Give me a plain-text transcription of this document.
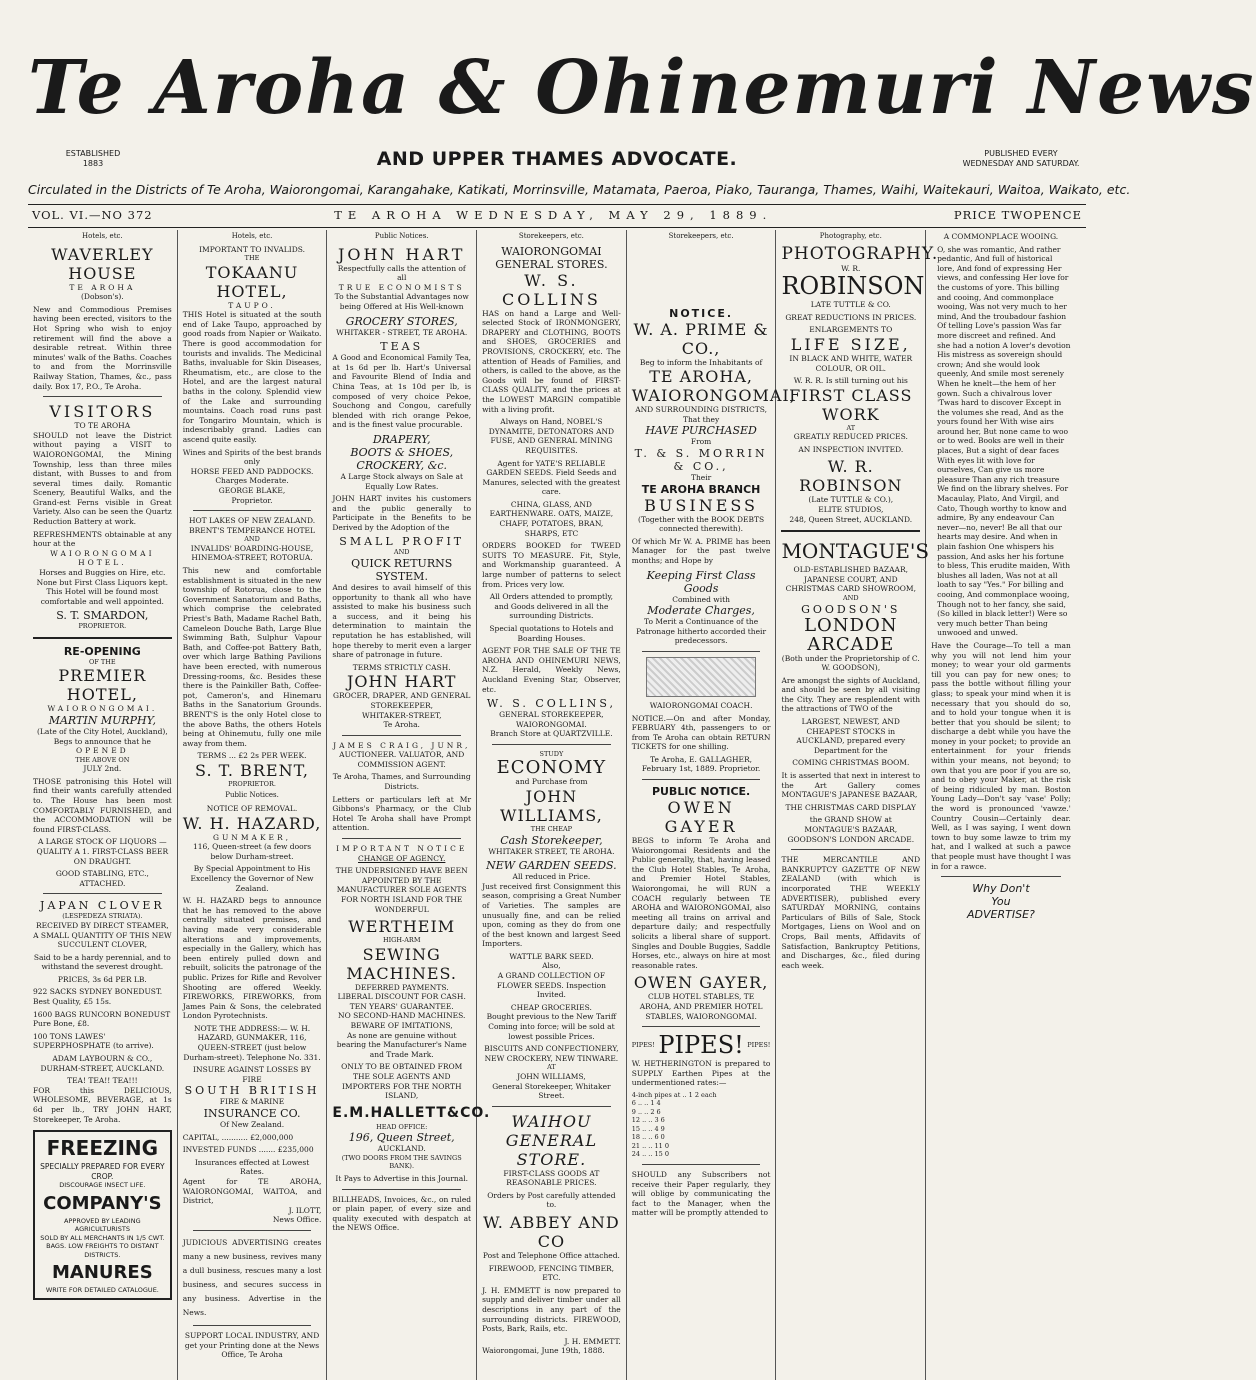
Te Aroha & Ohinemuri News
ESTABLISHED
1883	AND UPPER THAMES ADVOCATE.	PUBLISHED EVERY
WEDNESDAY AND SATURDAY.
Circulated in the Districts of Te Aroha, Waiorongomai, Karangahake, Katikati, Morrinsville, Matamata, Paeroa, Piako, Tauranga, Thames, Waihi, Waitekauri, Waitoa, Waikato, etc.
VOL. VI.—NO 372	TE AROHA WEDNESDAY, MAY 29, 1889.	PRICE TWOPENCE
Hotels, etc.
WAVERLEY HOUSE
TE AROHA
(Dobson's).
New and Commodious Premises having been erected, visitors to the Hot Spring who wish to enjoy retirement will find the above a desirable retreat. Within three minutes' walk of the Baths. Coaches to and from the Morrinsville Railway Station, Thames, &c., pass daily. Box 17, P.O., Te Aroha.
VISITORS
TO TE AROHA
SHOULD not leave the District without paying a VISIT to WAIORONGOMAI, the Mining Township, less than three miles distant, with Busses to and from several times daily. Romantic Scenery, Beautiful Walks, and the Grand-est Ferns visible in Great Variety. Also can be seen the Quartz Reduction Battery at work.
REFRESHMENTS obtainable at any hour at the
WAIORONGOMAI HOTEL.
Horses and Buggies on Hire, etc. None but First Class Liquors kept. This Hotel will be found most comfortable and well appointed.
S. T. SMARDON,
PROPRIETOR.
RE-OPENING
OF THE
PREMIER HOTEL,
WAIORONGOMAI.
MARTIN MURPHY,
(Late of the City Hotel, Auckland),
Begs to announce that he
OPENED
THE ABOVE ON
JULY 2nd.
THOSE patronising this Hotel will find their wants carefully attended to. The House has been most COMFORTABLY FURNISHED, and the ACCOMMODATION will be found FIRST-CLASS.
A LARGE STOCK OF LIQUORS —QUALITY A 1. FIRST-CLASS BEER ON DRAUGHT.
GOOD STABLING, ETC., ATTACHED.
JAPAN CLOVER
(LESPEDEZA STRIATA).
RECEIVED BY DIRECT STEAMER, A SMALL QUANTITY OF THIS NEW SUCCULENT CLOVER,
Said to be a hardy perennial, and to withstand the severest drought.
PRICES, 3s 6d PER LB.
922 SACKS SYDNEY BONEDUST. Best Quality, £5 15s.
1600 BAGS RUNCORN BONEDUST Pure Bone, £8.
100 TONS LAWES' SUPERPHOSPHATE (to arrive).
ADAM LAYBOURN & CO., DURHAM-STREET, AUCKLAND.
TEA! TEA!! TEA!!!
FOR this DELICIOUS, WHOLESOME, BEVERAGE, at 1s 6d per lb., TRY JOHN HART, Storekeeper, Te Aroha.
FREEZING
SPECIALLY PREPARED FOR EVERY CROP.
DISCOURAGE INSECT LIFE.
COMPANY'S
APPROVED BY LEADING AGRICULTURISTS
SOLD BY ALL MERCHANTS IN 1/5 CWT. BAGS. LOW FREIGHTS TO DISTANT DISTRICTS.
MANURES
WRITE FOR DETAILED CATALOGUE.
Hotels, etc.
IMPORTANT TO INVALIDS.
THE
TOKAANU HOTEL,
TAUPO.
THIS Hotel is situated at the south end of Lake Taupo, approached by good roads from Napier or Waikato. There is good accommodation for tourists and invalids. The Medicinal Baths, invaluable for Skin Diseases, Rheumatism, etc., are close to the Hotel, and are the largest natural baths in the colony. Splendid view of the Lake and surrounding mountains. Coach road runs past for Tongariro Mountain, which is indescribably grand. Ladies can ascend quite easily.
Wines and Spirits of the best brands only
HORSE FEED AND PADDOCKS.
Charges Moderate.
GEORGE BLAKE,
Proprietor.
HOT LAKES OF NEW ZEALAND.
BRENT'S TEMPERANCE HOTEL
AND
INVALIDS' BOARDING-HOUSE, HINEMOA-STREET, ROTORUA.
This new and comfortable establishment is situated in the new township of Rotorua, close to the Government Sanatorium and Baths, which comprise the celebrated Priest's Bath, Madame Rachel Bath, Cameleon Douche Bath, Large Blue Swimming Bath, Sulphur Vapour Bath, and Coffee-pot Battery Bath, over which large Bathing Pavilions have been erected, with numerous Dressing-rooms, &c. Besides these there is the Painkiller Bath, Coffee-pot, Cameron's, and Hinemaru Baths in the Sanatorium Grounds. BRENT'S is the only Hotel close to the above Baths, the others Hotels being at Ohinemutu, fully one mile away from them.
TERMS ... £2 2s PER WEEK.
S. T. BRENT,
PROPRIETOR.
Public Notices.
NOTICE OF REMOVAL.
W. H. HAZARD,
GUNMAKER,
116, Queen-street (a few doors below Durham-street.
By Special Appointment to His Excellency the Governor of New Zealand.
W. H. HAZARD begs to announce that he has removed to the above centrally situated premises, and having made very considerable alterations and improvements, especially in the Gallery, which has been entirely pulled down and rebuilt, solicits the patronage of the public. Prizes for Rifle and Revolver Shooting are offered Weekly. FIREWORKS, FIREWORKS, from James Pain & Sons, the celebrated London Pyrotechnists.
NOTE THE ADDRESS:— W. H. HAZARD, GUNMAKER, 116, QUEEN-STREET (just below Durham-street). Telephone No. 331.
INSURE AGAINST LOSSES BY FIRE
SOUTH BRITISH
FIRE & MARINE
INSURANCE CO.
Of New Zealand.
CAPITAL, ........... £2,000,000
INVESTED FUNDS ....... £235,000
Insurances effected at Lowest Rates.
Agent for TE AROHA, WAIORONGOMAI, WAITOA, and District,
J. ILOTT,
News Office.
JUDICIOUS ADVERTISING creates many a new business, revives many a dull business, rescues many a lost business, and secures success in any business. Advertise in the News.
SUPPORT LOCAL INDUSTRY, AND get your Printing done at the News Office, Te Aroha
Public Notices.
JOHN HART
Respectfully calls the attention of all
TRUE ECONOMISTS
To the Substantial Advantages now being Offered at His Well-known
GROCERY STORES,
WHITAKER - STREET, TE AROHA.
TEAS
A Good and Economical Family Tea, at 1s 6d per lb. Hart's Universal and Favourite Blend of India and China Teas, at 1s 10d per lb, is composed of very choice Pekoe, Souchong and Congou, carefully blended with rich orange Pekoe, and is the finest value procurable.
DRAPERY,
BOOTS & SHOES,
CROCKERY, &c.
A Large Stock always on Sale at Equally Low Rates.
JOHN HART invites his customers and the public generally to Participate in the Benefits to be Derived by the Adoption of the
SMALL PROFIT
AND
QUICK RETURNS SYSTEM.
And desires to avail himself of this opportunity to thank all who have assisted to make his business such a success, and it being his determination to maintain the reputation he has established, will hope thereby to merit even a larger share of patronage in future.
TERMS STRICTLY CASH.
JOHN HART
GROCER, DRAPER, AND GENERAL STOREKEEPER,
WHITAKER-STREET,
Te Aroha.
JAMES CRAIG, JUNR,
AUCTIONEER. VALUATOR, AND COMMISSION AGENT.
Te Aroha, Thames, and Surrounding Districts.
Letters or particulars left at Mr Gibbons's Pharmacy, or the Club Hotel Te Aroha shall have Prompt attention.
IMPORTANT NOTICE
CHANGE OF AGENCY.
THE UNDERSIGNED HAVE BEEN APPOINTED BY THE MANUFACTURER SOLE AGENTS FOR NORTH ISLAND FOR THE WONDERFUL
WERTHEIM
HIGH-ARM
SEWING MACHINES.
DEFERRED PAYMENTS.
LIBERAL DISCOUNT FOR CASH.
TEN YEARS' GUARANTEE.
NO SECOND-HAND MACHINES.
BEWARE OF IMITATIONS,
As none are genuine without bearing the Manufacturer's Name and Trade Mark.
ONLY TO BE OBTAINED FROM THE SOLE AGENTS AND IMPORTERS FOR THE NORTH ISLAND,
E.M.HALLETT&CO.
HEAD OFFICE:
196, Queen Street,
AUCKLAND.
(TWO DOORS FROM THE SAVINGS BANK).
It Pays to Advertise in this Journal.
BILLHEADS, Invoices, &c., on ruled or plain paper, of every size and quality executed with despatch at the NEWS Office.
Storekeepers, etc.
WAIORONGOMAI GENERAL STORES.
W. S. COLLINS
HAS on hand a Large and Well-selected Stock of IRONMONGERY, DRAPERY and CLOTHING, BOOTS and SHOES, GROCERIES and PROVISIONS, CROCKERY, etc. The attention of Heads of Families, and others, is called to the above, as the Goods will be found of FIRST-CLASS QUALITY, and the prices at the LOWEST MARGIN compatible with a living profit.
Always on Hand, NOBEL'S DYNAMITE, DETONATORS AND FUSE, AND GENERAL MINING REQUISITES.
Agent for YATE'S RELIABLE GARDEN SEEDS. Field Seeds and Manures, selected with the greatest care.
CHINA, GLASS, AND EARTHENWARE. OATS, MAIZE, CHAFF, POTATOES, BRAN, SHARPS, ETC
ORDERS BOOKED for TWEED SUITS TO MEASURE. Fit, Style, and Workmanship guaranteed. A large number of patterns to select from. Prices very low.
All Orders attended to promptly, and Goods delivered in all the surrounding Districts.
Special quotations to Hotels and Boarding Houses.
AGENT FOR THE SALE OF THE TE AROHA AND OHINEMURI NEWS, N.Z. Herald, Weekly News, Auckland Evening Star, Observer, etc.
W. S. COLLINS,
GENERAL STOREKEEPER, WAIORONGOMAI.
Branch Store at QUARTZVILLE.
STUDY
ECONOMY
and Purchase from
JOHN WILLIAMS,
THE CHEAP
Cash Storekeeper,
WHITAKER STREET, TE AROHA.
NEW GARDEN SEEDS.
All reduced in Price.
Just received first Consignment this season, comprising a Great Number of Varieties. The samples are unusually fine, and can be relied upon, coming as they do from one of the best known and largest Seed Importers.
WATTLE BARK SEED.
Also,
A GRAND COLLECTION OF FLOWER SEEDS. Inspection Invited.
CHEAP GROCERIES.
Bought previous to the New Tariff Coming into force; will be sold at lowest possible Prices.
BISCUITS AND CONFECTIONERY, NEW CROCKERY, NEW TINWARE.
AT
JOHN WILLIAMS,
General Storekeeper, Whitaker Street.
WAIHOU GENERAL STORE.
FIRST-CLASS GOODS AT REASONABLE PRICES.
Orders by Post carefully attended to.
W. ABBEY AND CO
Post and Telephone Office attached.
FIREWOOD, FENCING TIMBER, ETC.
J. H. EMMETT is now prepared to supply and deliver timber under all descriptions in any part of the surrounding districts. FIREWOOD, Posts, Bark, Rails, etc.
J. H. EMMETT.
Waiorongomai, June 19th, 1888.
Storekeepers, etc.
NOTICE.
W. A. PRIME & CO.,
Beg to inform the Inhabitants of
TE AROHA,
WAIORONGOMAI,
AND SURROUNDING DISTRICTS,
That they
HAVE PURCHASED
From
T. & S. MORRIN & CO.,
Their
TE AROHA BRANCH
BUSINESS
(Together with the BOOK DEBTS connected therewith).
Of which Mr W. A. PRIME has been Manager for the past twelve months; and Hope by
Keeping First Class Goods
Combined with
Moderate Charges,
To Merit a Continuance of the Patronage hitherto accorded their predecessors.
WAIORONGOMAI COACH.
NOTICE.—On and after Monday, FEBRUARY 4th, passengers to or from Te Aroha can obtain RETURN TICKETS for one shilling.
Te Aroha, E. GALLAGHER, February 1st, 1889. Proprietor.
PUBLIC NOTICE.
OWEN GAYER
BEGS to inform Te Aroha and Waiorongomai Residents and the Public generally, that, having leased the Club Hotel Stables, Te Aroha, and Premier Hotel Stables, Waiorongomai, he will RUN a COACH regularly between TE AROHA and WAIORONGOMAI, also meeting all trains on arrival and departure daily; and respectfully solicits a liberal share of support. Singles and Double Buggies, Saddle Horses, etc., always on hire at most reasonable rates.
OWEN GAYER,
CLUB HOTEL STABLES, TE AROHA, AND PREMIER HOTEL STABLES, WAIORONGOMAI.
PIPES! PIPES! PIPES!
W. HETHERINGTON is prepared to SUPPLY Earthen Pipes at the undermentioned rates:—
4-inch pipes at .. 1 2 each
6 .. .. 1 4
9 .. .. 2 6
12 .. .. 3 6
15 .. .. 4 9
18 .. .. 6 0
21 .. .. 11 0
24 .. .. 15 0
SHOULD any Subscribers not receive their Paper regularly, they will oblige by communicating the fact to the Manager, when the matter will be promptly attended to
Photography, etc.
PHOTOGRAPHY.
W. R.
ROBINSON
LATE TUTTLE & CO.
GREAT REDUCTIONS IN PRICES.
ENLARGEMENTS TO
LIFE SIZE,
IN BLACK AND WHITE, WATER COLOUR, OR OIL.
W. R. R. Is still turning out his
FIRST CLASS WORK
AT
GREATLY REDUCED PRICES.
AN INSPECTION INVITED.
W. R. ROBINSON
(Late TUTTLE & CO.),
ELITE STUDIOS,
248, Queen Street, AUCKLAND.
MONTAGUE'S
OLD-ESTABLISHED BAZAAR,
JAPANESE COURT, AND CHRISTMAS CARD SHOWROOM,
AND
GOODSON'S
LONDON ARCADE
(Both under the Proprietorship of C. W. GOODSON),
Are amongst the sights of Auckland, and should be seen by all visiting the City. They are resplendent with the attractions of TWO of the
LARGEST, NEWEST, AND CHEAPEST STOCKS in AUCKLAND, prepared every Department for the
COMING CHRISTMAS BOOM.
It is asserted that next in interest to the Art Gallery comes MONTAGUE'S JAPANESE BAZAAR,
THE CHRISTMAS CARD DISPLAY
the GRAND SHOW at MONTAGUE'S BAZAAR,
GOODSON'S LONDON ARCADE.
THE MERCANTILE AND BANKRUPTCY GAZETTE OF NEW ZEALAND (with which is incorporated THE WEEKLY ADVERTISER), published every SATURDAY MORNING, contains Particulars of Bills of Sale, Stock Mortgages, Liens on Wool and on Crops, Bail ments, Affidavits of Satisfaction, Bankruptcy Petitions, and Discharges, &c., filed during each week.
A COMMONPLACE WOOING.
O, she was romantic, And rather pedantic, And full of historical lore, And fond of expressing Her views, and confessing Her love for the customs of yore. This billing and cooing, And commonplace wooing, Was not very much to her mind, And the troubadour fashion Of telling Love's passion Was far more discreet and refined. And she had a notion A lover's devotion His mistress as sovereign should crown; And she would look queenly, And smile most serenely When he knelt—the hem of her gown. Such a chivalrous lover 'Twas hard to discover Except in the volumes she read, And as the yours found her With wise airs around her, But none came to woo or to wed. Books are well in their places, But a sight of dear faces With eyes lit with love for ourselves, Can give us more pleasure Than any rich treasure We find on the library shelves. For Macaulay, Plato, And Virgil, and Cato, Though worthy to know and admire, By any endeavour Can never—no, never! Be all that our hearts may desire. And when in plain fashion One whispers his passion, And asks her his fortune to bless, This erudite maiden, With blushes all laden, Was not at all loath to say "Yes." For billing and cooing, And commonplace wooing, Though not to her fancy, she said, (So killed in black letter!) Were so very much better Than being unwooed and unwed.
Have the Courage—To tell a man why you will not lend him your money; to wear your old garments till you can pay for new ones; to pass the bottle without filling your glass; to speak your mind when it is necessary that you should do so, and to hold your tongue when it is better that you should be silent; to discharge a debt while you have the money in your pocket; to provide an entertainment for your friends within your means, not beyond; to own that you are poor if you are so, and to obey your Maker, at the risk of being ridiculed by man. Boston Young Lady—Don't say 'vase' Polly; the word is pronounced 'vawze.' Country Cousin—Certainly dear. Well, as I was saying, I went down town to buy some lawze to trim my hat, and I walked at such a pawce that people must have thought I was in for a rawce.
Why Don't
You
ADVERTISE?
